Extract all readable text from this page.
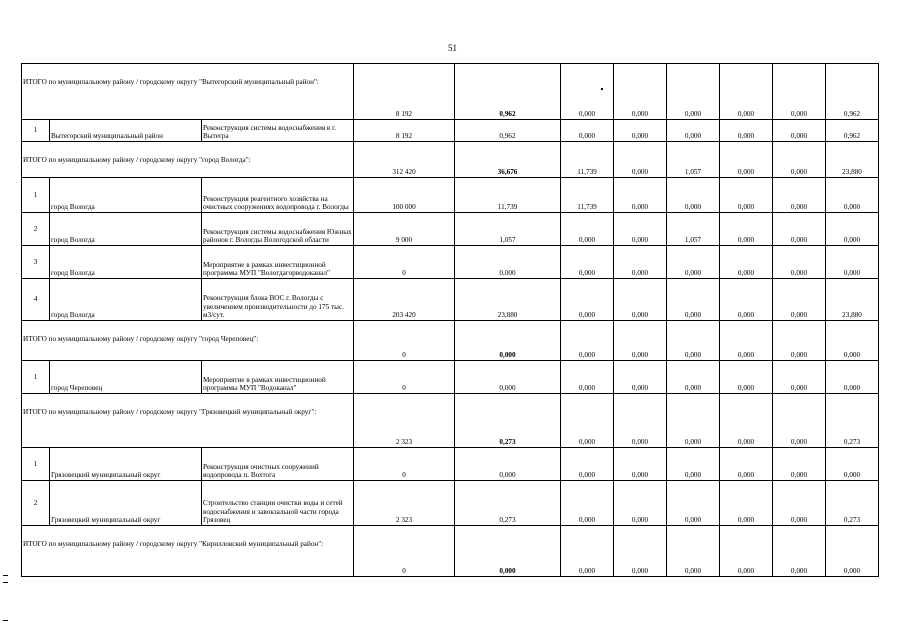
51
ИТОГО по муниципальному району / городскому округу "Вытегорский муниципальный район":			8 192	0,962	0,000	0,000	0,000	0,000	0,000	0,962
1	Вытегорский муниципальный район	Реконструкция системы водоснабжения в г. Вытегра	8 192	0,962	0,000	0,000	0,000	0,000	0,000	0,962

ИТОГО по муниципальному району / городскому округу "город Вологда":			312 420	36,676	11,739	0,000	1,057	0,000	0,000	23,880
1	город Вологда	Реконструкция реагентного хозяйства на очистных сооружениях водопровода г. Вологды	100 000	11,739	11,739	0,000	0,000	0,000	0,000	0,000
2	город Вологда	Реконструкция системы водоснабжения Южных районов г. Вологды Вологодской области	9 000	1,057	0,000	0,000	1,057	0,000	0,000	0,000
3	город Вологда	Мероприятие в рамках инвестиционной программы МУП "Вологдагорводоканал"	0	0,000	0,000	0,000	0,000	0,000	0,000	0,000
4	город Вологда	Реконструкция блока ВОС г. Вологды с увеличением производительности до 175 тыс. м3/сут.	203 420	23,880	0,000	0,000	0,000	0,000	0,000	23,880

ИТОГО по муниципальному району / городскому округу "город Череповец":			0	0,000	0,000	0,000	0,000	0,000	0,000	0,000
1	город Череповец	Мероприятие в рамках инвестиционной программы МУП "Водоканал"	0	0,000	0,000	0,000	0,000	0,000	0,000	0,000

ИТОГО по муниципальному району / городскому округу "Грязовецкий муниципальный округ":			2 323	0,273	0,000	0,000	0,000	0,000	0,000	0,273
1	Грязовецкий муниципальный округ	Реконструкция очистных сооружений водопровода п. Вохтога	0	0,000	0,000	0,000	0,000	0,000	0,000	0,000
2	Грязовецкий муниципальный округ	Строительство станции очистки воды и сетей водоснабжения и завокзальной части города Грязовец	2 323	0,273	0,000	0,000	0,000	0,000	0,000	0,273

ИТОГО по муниципальному району / городскому округу "Кирилловский муниципальный район":			0	0,000	0,000	0,000	0,000	0,000	0,000	0,000
